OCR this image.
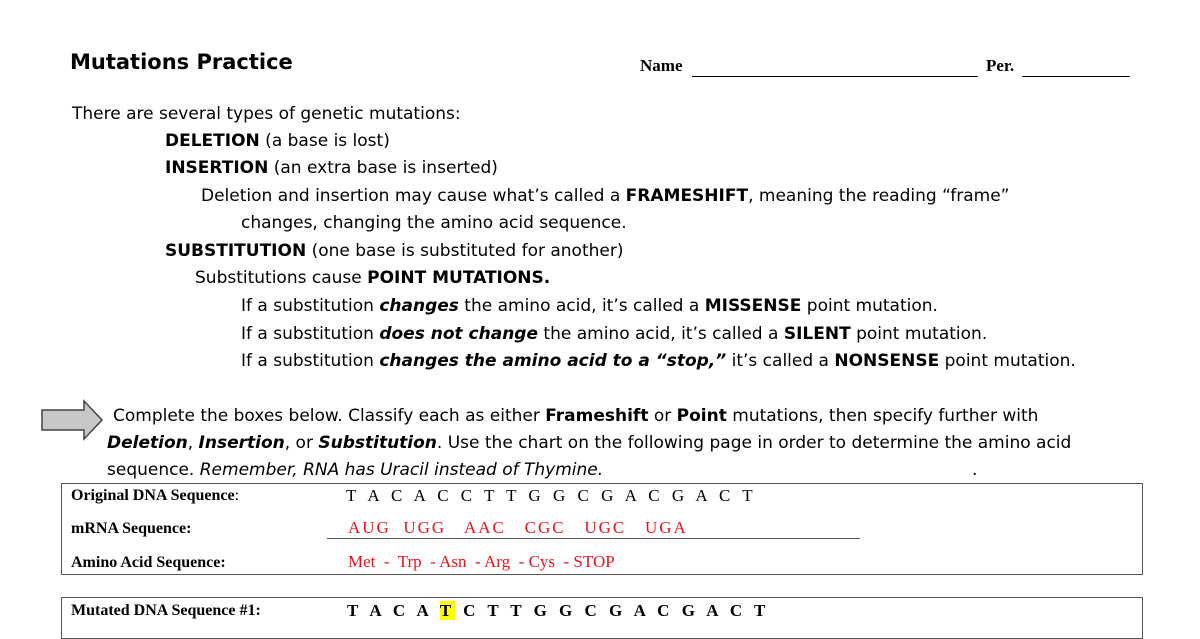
Mutations Practice	Name	Per.
There are several types of genetic mutations:
DELETION (a base is lost)
INSERTION (an extra base is inserted)
Deletion and insertion may cause what’s called a FRAMESHIFT, meaning the reading “frame”
changes, changing the amino acid sequence.
SUBSTITUTION (one base is substituted for another)
Substitutions cause POINT MUTATIONS.
If a substitution changes the amino acid, it’s called a MISSENSE point mutation.
If a substitution does not change the amino acid, it’s called a SILENT point mutation.
If a substitution changes the amino acid to a “stop,” it’s called a NONSENSE point mutation.
Complete the boxes below. Classify each as either Frameshift or Point mutations, then specify further with
Deletion, Insertion, or Substitution. Use the chart on the following page in order to determine the amino acid
sequence. Remember, RNA has Uracil instead of Thymine.	.
Original DNA Sequence:	T A C A C C T T G G C G A C G A C T
mRNA Sequence:	AUG  UGG   AAC   CGC   UGC   UGA
Amino Acid Sequence:	Met  -  Trp  - Asn  - Arg  - Cys  - STOP
Mutated DNA Sequence #1:	T A C A T C T T G G C G A C G A C T
